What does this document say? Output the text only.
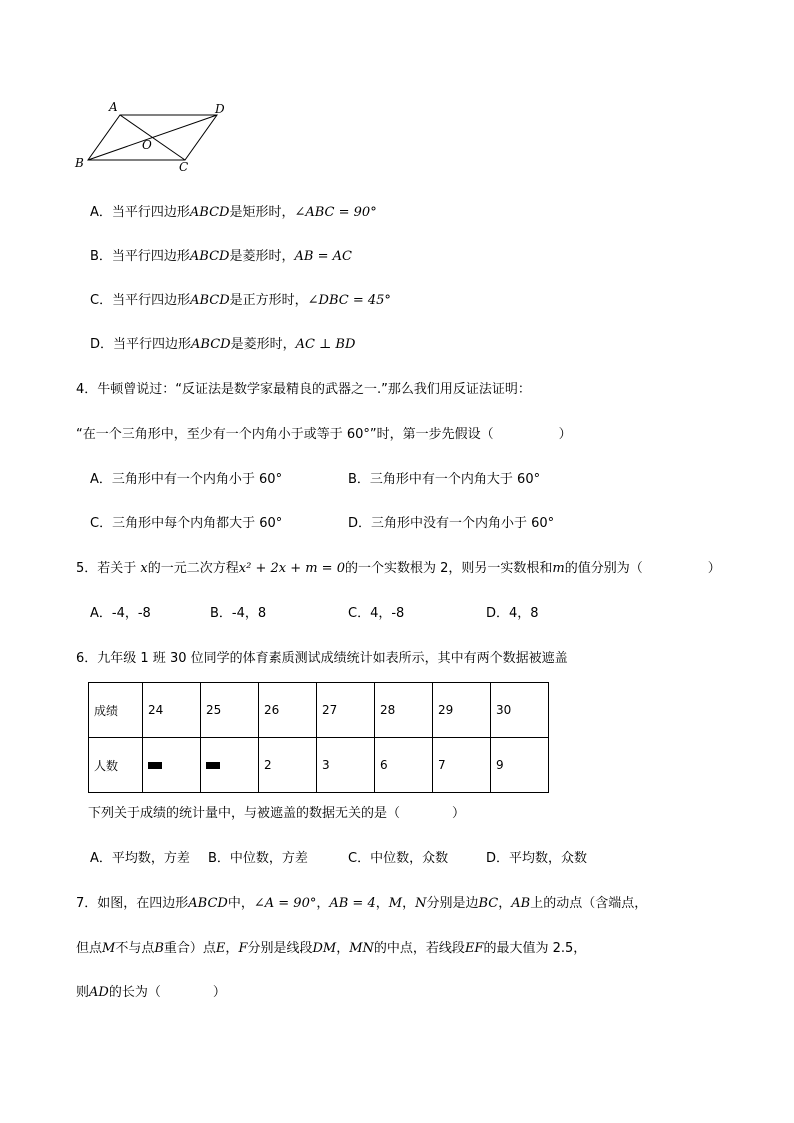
A	D
O
B	C
A．当平行四边形ABCD是矩形时，∠ABC = 90°
B．当平行四边形ABCD是菱形时，AB = AC
C．当平行四边形ABCD是正方形时，∠DBC = 45°
D．当平行四边形ABCD是菱形时，AC ⊥ BD
4．牛顿曾说过：“反证法是数学家最精良的武器之一.”那么我们用反证法证明：
“在一个三角形中，至少有一个内角小于或等于 60°”时，第一步先假设（　　　　　）
A．三角形中有一个内角小于 60°	B．三角形中有一个内角大于 60°
C．三角形中每个内角都大于 60°	D．三角形中没有一个内角小于 60°
5．若关于 x的一元二次方程x² + 2x + m = 0的一个实数根为 2，则另一实数根和m的值分别为（　　　　　）
A．-4，-8	B．-4，8	C．4，-8	D．4，8
6．九年级 1 班 30 位同学的体育素质测试成绩统计如表所示，其中有两个数据被遮盖
成绩	24	25	26	27	28	29	30
人数			2	3	6	7	9
下列关于成绩的统计量中，与被遮盖的数据无关的是（　　　　）
A．平均数，方差 B．中位数，方差	C．中位数，众数	D．平均数，众数
7．如图，在四边形ABCD中，∠A = 90°，AB = 4，M，N分别是边BC，AB上的动点（含端点，
但点M不与点B重合）点E，F分别是线段DM，MN的中点，若线段EF的最大值为 2.5，
则AD的长为（　　　　）
